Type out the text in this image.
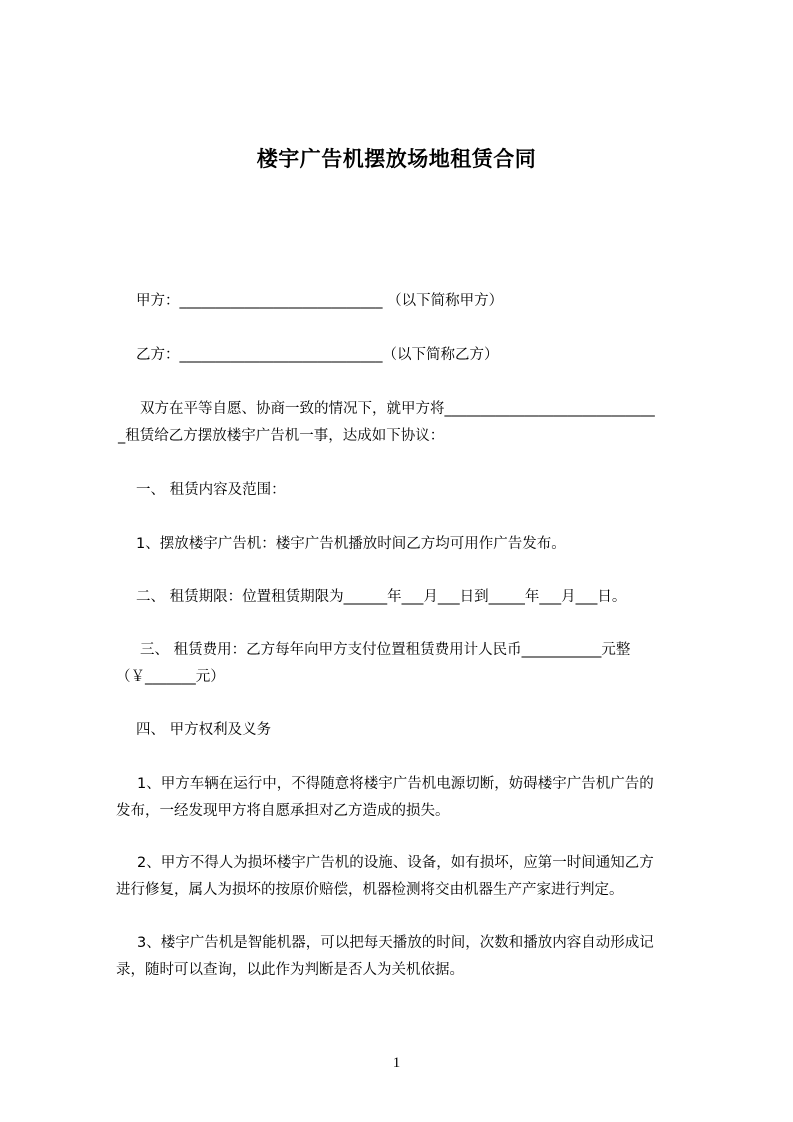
楼宇广告机摆放场地租赁合同
甲方：____________________________ （以下简称甲方）
乙方：____________________________（以下简称乙方）
双方在平等自愿、协商一致的情况下，就甲方将_____________________________
_租赁给乙方摆放楼宇广告机一事，达成如下协议：
一、 租赁内容及范围：
1、摆放楼宇广告机：楼宇广告机播放时间乙方均可用作广告发布。
二、 租赁期限：位置租赁期限为______年___月___日到_____年___月___日。
三、 租赁费用：乙方每年向甲方支付位置租赁费用计人民币___________元整
（￥_______元）
四、 甲方权利及义务
1、甲方车辆在运行中，不得随意将楼宇广告机电源切断，妨碍楼宇广告机广告的
发布，一经发现甲方将自愿承担对乙方造成的损失。
2、甲方不得人为损坏楼宇广告机的设施、设备，如有损坏，应第一时间通知乙方
进行修复，属人为损坏的按原价赔偿，机器检测将交由机器生产产家进行判定。
3、楼宇广告机是智能机器，可以把每天播放的时间，次数和播放内容自动形成记
录，随时可以查询，以此作为判断是否人为关机依据。
1
